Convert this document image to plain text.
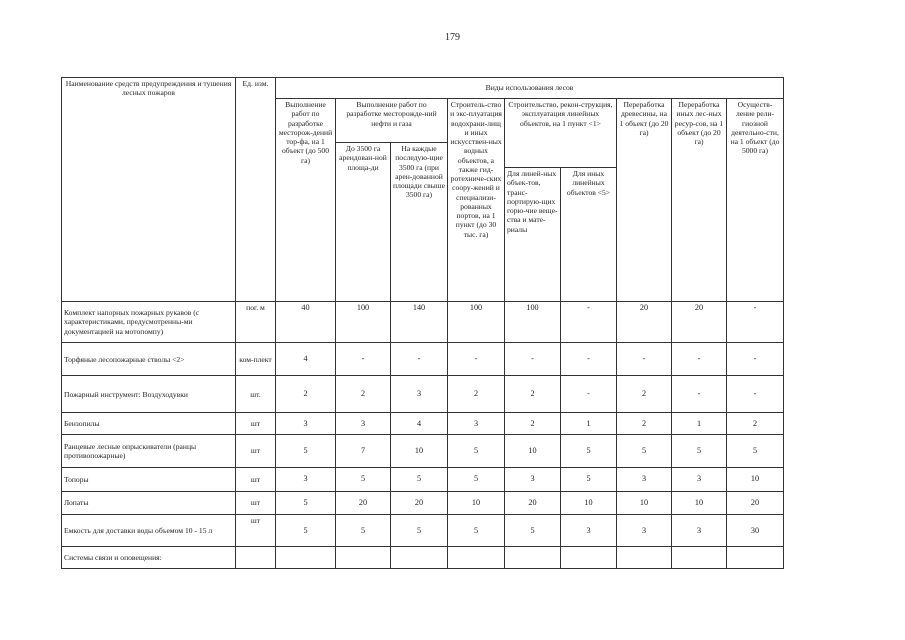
179
Наименование средств предупреждения и тушения лесных пожаров	Ед. изм.	Виды использования лесов								
		Выполнение работ по разработке месторож-дений тор-фа, на 1 объект (до 500 га)	Выполнение работ по разработке месторожде-ний нефти и газа		Строитель-ство и экс-плуатация водохрани-лищ и иных искусствен-ных водных объектов, а также гид-ротехниче-ских соору-жений и специализи-рованных портов, на 1 пункт (до 30 тыс. га)	Строительство, рекон-струкция, эксплуатация линейных объектов, на 1 пункт <1>		Переработка древесины, на 1 объект (до 20 га)	Переработка иных лес-ных ресур-сов, на 1 объект (до 20 га)	Осуществ-ление рели-гиозной деятельно-сти, на 1 объект (до 5000 га)
			До 3500 га арендован-ной площа-ди	На каждые последую-щие 3500 га (при арен-дованной площади свыше 3500 га)						
						Для линей-ных объек-тов, транс-портирую-щих горю-чие веще-ства и мате-риалы	Для иных линейных объектов <5>			
Комплект напорных пожарных рукавов (с характеристиками, предусмотренны-ми документацией на мотопомпу)	пог. м	40	100	140	100	100	-	20	20	-
Торфяные лесопожарные стволы <2>	ком-плект	4	-	-	-	-	-	-	-	-
Пожарный инструмент: Воздуходувки	шт.	2	2	3	2	2	-	2	-	-
Бензопилы	шт	3	3	4	3	2	1	2	1	2
Ранцевые лесные опрыскиватели (ранцы противопожарные)	шт	5	7	10	5	10	5	5	5	5
Топоры	шт	3	5	5	5	3	5	3	3	10
Лопаты	шт	5	20	20	10	20	10	10	10	20
Емкость для доставки воды объемом 10 - 15 л	шт	5	5	5	5	5	3	3	3	30
Системы связи и оповещения:										
